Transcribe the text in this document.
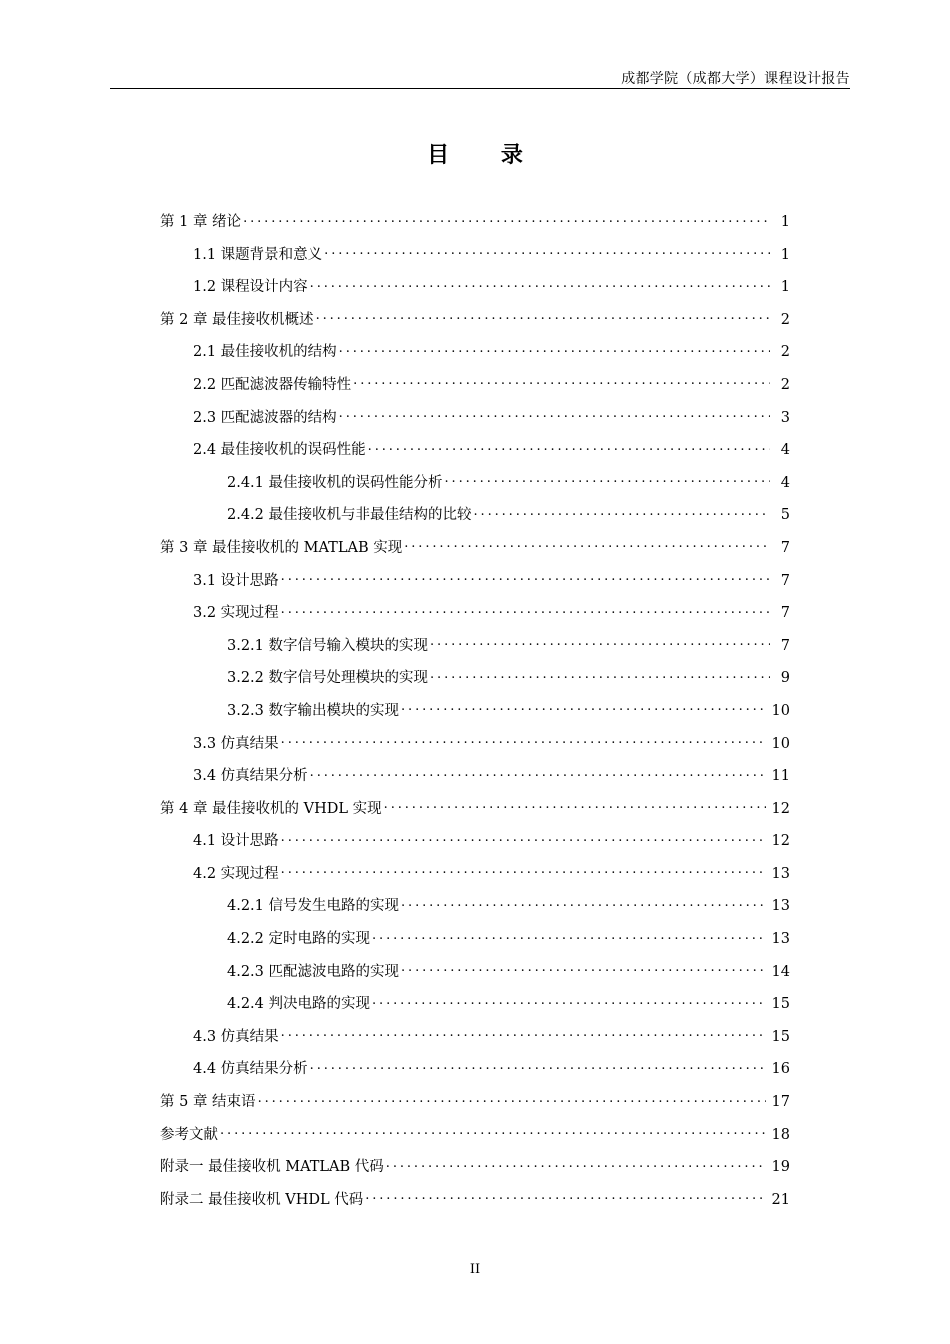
成都学院（成都大学）课程设计报告
目 录
第 1 章 绪论 .....	1
1.1 课题背景和意义 .....	1
1.2 课程设计内容 .....	1
第 2 章 最佳接收机概述 .....	2
2.1 最佳接收机的结构 .....	2
2.2 匹配滤波器传输特性 .....	2
2.3 匹配滤波器的结构 .....	3
2.4 最佳接收机的误码性能 .....	4
2.4.1 最佳接收机的误码性能分析 .....	4
2.4.2 最佳接收机与非最佳结构的比较 .....	5
第 3 章 最佳接收机的 MATLAB 实现 .....	7
3.1 设计思路 .....	7
3.2 实现过程 .....	7
3.2.1 数字信号输入模块的实现 .....	7
3.2.2 数字信号处理模块的实现 .....	9
3.2.3 数字输出模块的实现 .....	10
3.3 仿真结果 .....	10
3.4 仿真结果分析 .....	11
第 4 章 最佳接收机的 VHDL 实现 .....	12
4.1 设计思路 .....	12
4.2 实现过程 .....	13
4.2.1 信号发生电路的实现 .....	13
4.2.2 定时电路的实现 .....	13
4.2.3 匹配滤波电路的实现 .....	14
4.2.4 判决电路的实现 .....	15
4.3 仿真结果 .....	15
4.4 仿真结果分析 .....	16
第 5 章 结束语 .....	17
参考文献 .....	18
附录一 最佳接收机 MATLAB 代码 .....	19
附录二 最佳接收机 VHDL 代码 .....	21
II
